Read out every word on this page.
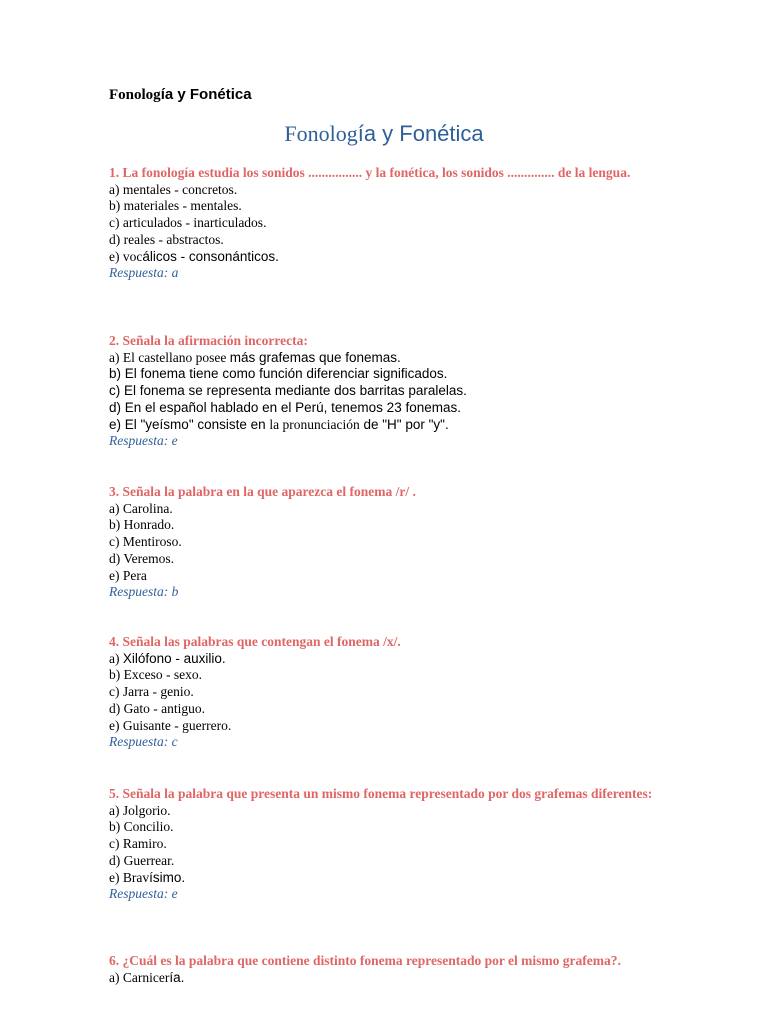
Fonología y Fonética
Fonología y Fonética
1. La fonología estudia los sonidos ................ y la fonética, los sonidos .............. de la lengua.
a) mentales - concretos.
b) materiales - mentales.
c) articulados - inarticulados.
d) reales - abstractos.
e) vocálicos - consonánticos.
Respuesta: a
2. Señala la afirmación incorrecta:
a) El castellano posee más grafemas que fonemas.
b) El fonema tiene como función diferenciar significados.
c) El fonema se representa mediante dos barritas paralelas.
d) En el español hablado en el Perú, tenemos 23 fonemas.
e) El "yeísmo" consiste en la pronunciación de "H" por "y".
Respuesta: e
3. Señala la palabra en la que aparezca el fonema /r/ .
a) Carolina.
b) Honrado.
c) Mentiroso.
d) Veremos.
e) Pera
Respuesta: b
4. Señala las palabras que contengan el fonema /x/.
a) Xilófono - auxilio.
b) Exceso - sexo.
c) Jarra - genio.
d) Gato - antiguo.
e) Guisante - guerrero.
Respuesta: c
5. Señala la palabra que presenta un mismo fonema representado por dos grafemas diferentes:
a) Jolgorio.
b) Concilio.
c) Ramiro.
d) Guerrear.
e) Bravísimo.
Respuesta: e
6. ¿Cuál es la palabra que contiene distinto fonema representado por el mismo grafema?.
a) Carnicería.
